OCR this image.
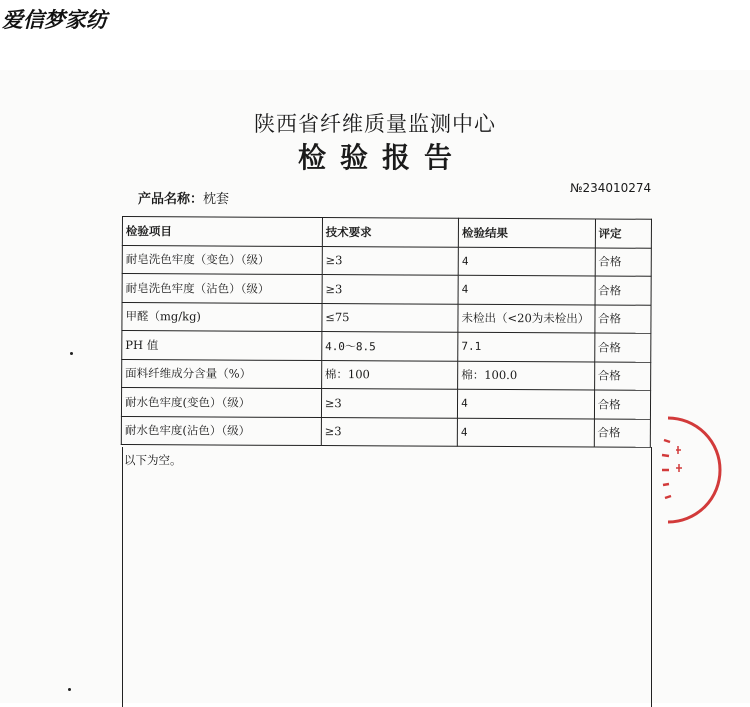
爱信梦家纺
陕西省纤维质量监测中心
检验报告
产品名称：枕套
№234010274
检验项目	技术要求	检验结果	评定
耐皂洗色牢度（变色）（级）	≥3	4	合格
耐皂洗色牢度（沾色）（级）	≥3	4	合格
甲醛（mg/kg)	≤75	未检出（<20为未检出）	合格
PH 值	4.0～8.5	7.1	合格
面料纤维成分含量（%）	棉：100	棉：100.0	合格
耐水色牢度(变色）（级）	≥3	4	合格
耐水色牢度(沾色）（级）	≥3	4	合格
以下为空。
